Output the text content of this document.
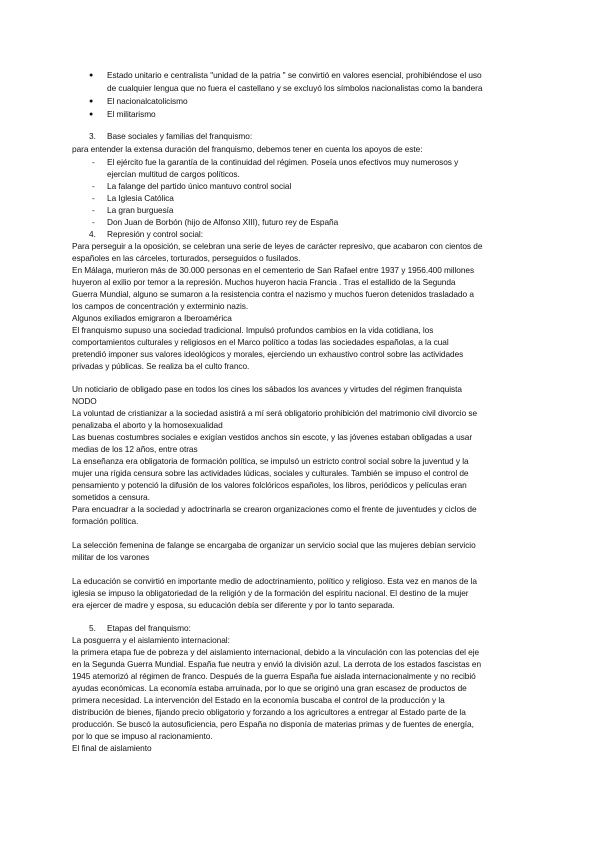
● Estado unitario e centralista "unidad de la patria " se convirtió en valores esencial, prohibiéndose el uso
de cualquier lengua que no fuera el castellano y se excluyó los símbolos nacionalistas como la bandera
● El nacionalcatolicismo
● El militarismo
3. Base sociales y familias del franquismo:
para entender la extensa duración del franquismo, debemos tener en cuenta los apoyos de este:
- El ejército fue la garantía de la continuidad del régimen. Poseía unos efectivos muy numerosos y
ejercían multitud de cargos políticos.
- La falange del partido único mantuvo control social
- La Iglesia Católica
- La gran burguesía
- Don Juan de Borbón (hijo de Alfonso XIII), futuro rey de España
4. Represión y control social:
Para perseguir a la oposición, se celebran una serie de leyes de carácter represivo, que acabaron con cientos de
españoles en las cárceles, torturados, perseguidos o fusilados.
En Málaga, murieron más de 30.000 personas en el cementerio de San Rafael entre 1937 y 1956.400 millones
huyeron al exilio por temor a la represión. Muchos huyeron hacia Francia . Tras el estallido de la Segunda
Guerra Mundial, alguno se sumaron a la resistencia contra el nazismo y muchos fueron detenidos trasladado a
los campos de concentración y exterminio nazis.
Algunos exiliados emigraron a Iberoamérica
El franquismo supuso una sociedad tradicional. Impulsó profundos cambios en la vida cotidiana, los
comportamientos culturales y religiosos en el Marco político a todas las sociedades españolas, a la cual
pretendió imponer sus valores ideológicos y morales, ejerciendo un exhaustivo control sobre las actividades
privadas y públicas. Se realiza ba el culto franco.
Un noticiario de obligado pase en todos los cines los sábados los avances y virtudes del régimen franquista
NODO
La voluntad de cristianizar a la sociedad asistirá a mí será obligatorio prohibición del matrimonio civil divorcio se
penalizaba el aborto y la homosexualidad
Las buenas costumbres sociales e exigían vestidos anchos sin escote, y las jóvenes estaban obligadas a usar
medias de los 12 años, entre otras
La enseñanza era obligatoria de formación política, se impulsó un estricto control social sobre la juventud y la
mujer una rígida censura sobre las actividades lúdicas, sociales y culturales. También se impuso el control de
pensamiento y potenció la difusión de los valores folclóricos españoles, los libros, periódicos y películas eran
sometidos a censura.
Para encuadrar a la sociedad y adoctrinarla se crearon organizaciones como el frente de juventudes y ciclos de
formación política.
La selección femenina de falange se encargaba de organizar un servicio social que las mujeres debían servicio
militar de los varones
La educación se convirtió en importante medio de adoctrinamiento, político y religioso. Esta vez en manos de la
iglesia se impuso la obligatoriedad de la religión y de la formación del espíritu nacional. El destino de la mujer
era ejercer de madre y esposa, su educación debía ser diferente y por lo tanto separada.
5. Etapas del franquismo:
La posguerra y el aislamiento internacional:
la primera etapa fue de pobreza y del aislamiento internacional, debido a la vinculación con las potencias del eje
en la Segunda Guerra Mundial. España fue neutra y envió la división azul. La derrota de los estados fascistas en
1945 atemorizó al régimen de franco. Después de la guerra España fue aislada internacionalmente y no recibió
ayudas económicas. La economía estaba arruinada, por lo que se originó una gran escasez de productos de
primera necesidad. La intervención del Estado en la economía buscaba el control de la producción y la
distribución de bienes, fijando precio obligatorio y forzando a los agricultores a entregar al Estado parte de la
producción. Se buscó la autosuficiencia, pero España no disponía de materias primas y de fuentes de energía,
por lo que se impuso al racionamiento.
El final de aislamiento
